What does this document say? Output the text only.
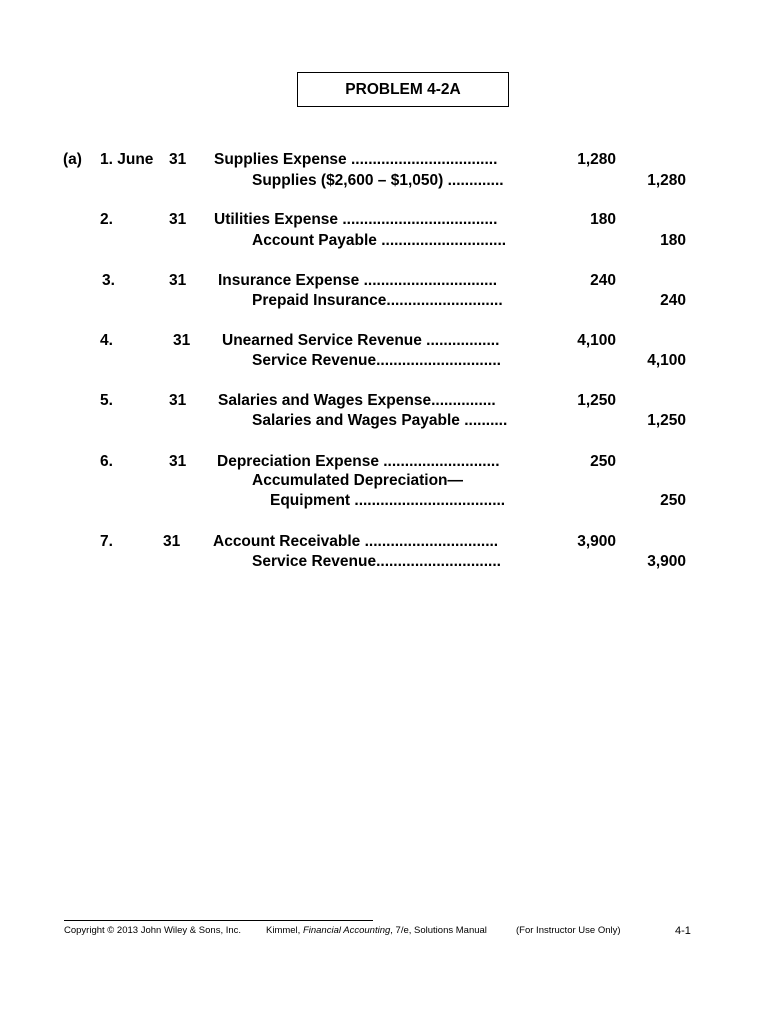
PROBLEM 4-2A
(a) 1. June 31 Supplies Expense ..................................	1,280
Supplies ($2,600 – $1,050) .............	1,280
2.	31 Utilities Expense ....................................	180
Account Payable .............................	180
3.	31 Insurance Expense ...............................	240
Prepaid Insurance...........................	240
4.	31 Unearned Service Revenue .................	4,100
Service Revenue.............................	4,100
5.	31 Salaries and Wages Expense...............	1,250
Salaries and Wages Payable ..........	1,250
6.	31 Depreciation Expense ...........................	250
Accumulated Depreciation—
Equipment ...................................	250
7.	31 Account Receivable ...............................	3,900
Service Revenue.............................	3,900
Copyright © 2013 John Wiley & Sons, Inc.	Kimmel, Financial Accounting, 7/e, Solutions Manual	(For Instructor Use Only)	4-1
